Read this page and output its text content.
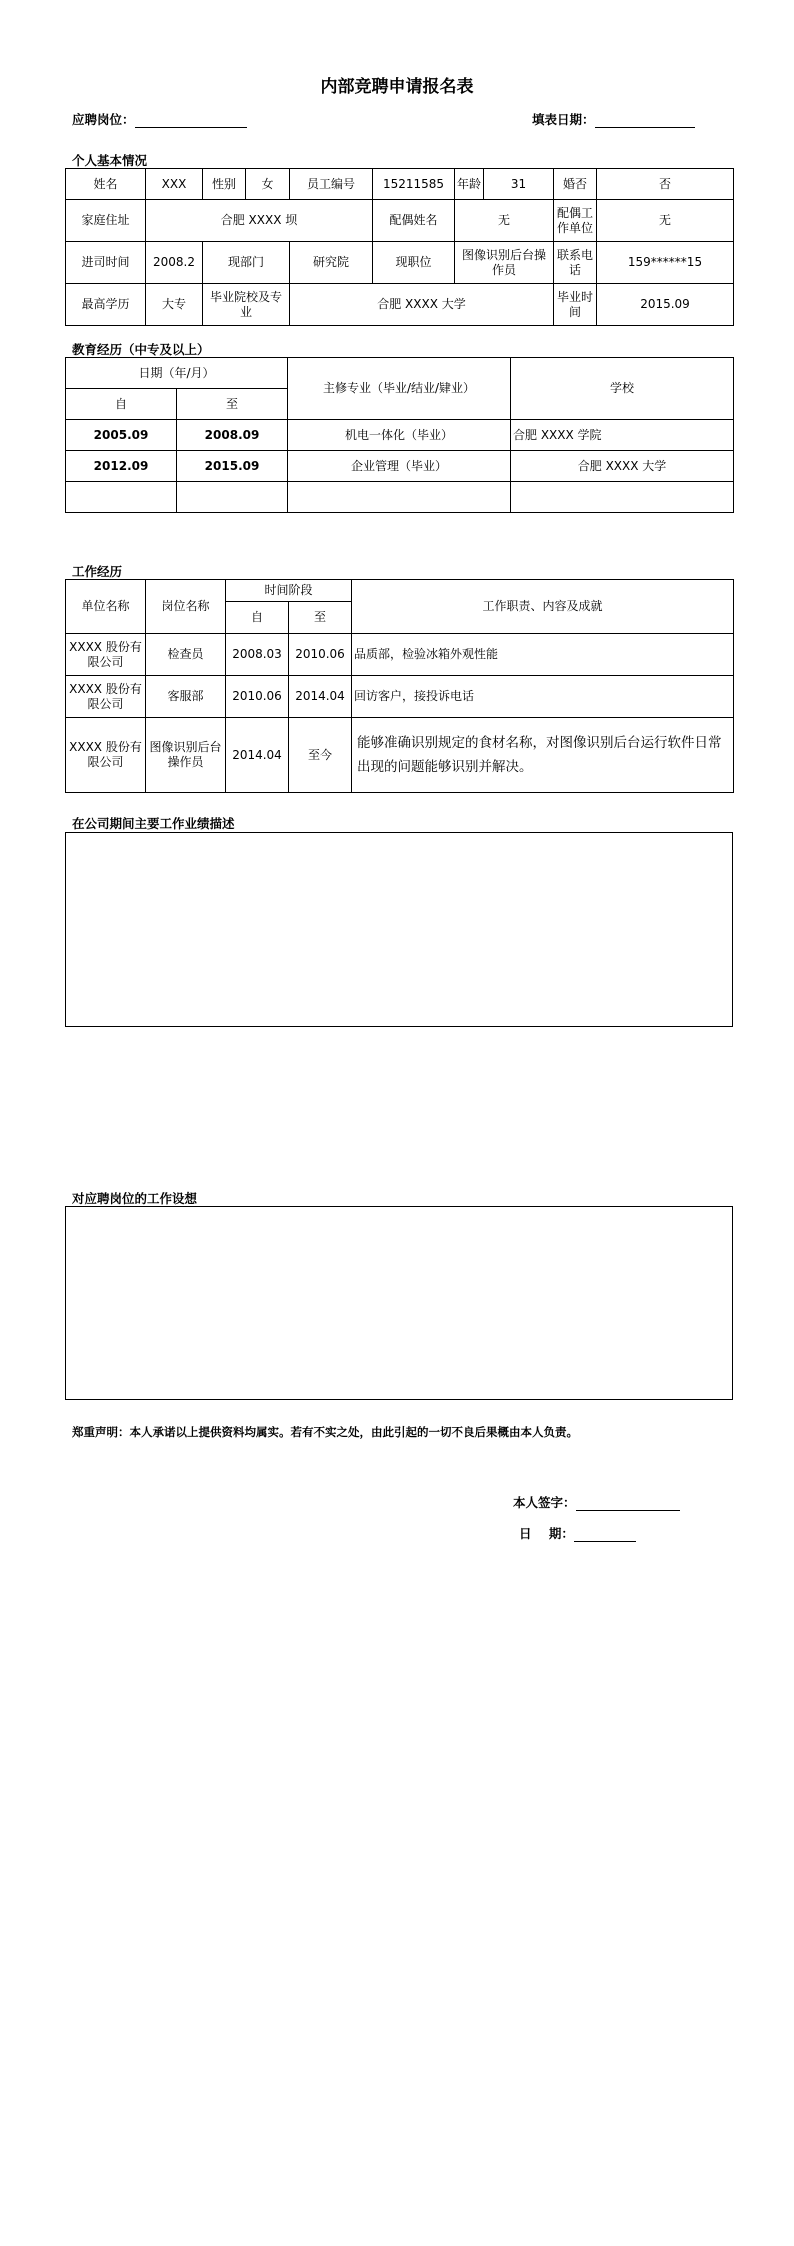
内部竞聘申请报名表
应聘岗位：	填表日期：
个人基本情况
姓名	XXX	性别	女	员工编号	15211585	年龄	31	婚否	否
家庭住址	合肥 XXXX 坝				配偶姓名	无		配偶工作单位	无
进司时间	2008.2	现部门		研究院	现职位	图像识别后台操作员		联系电话	159******15
最高学历	大专	毕业院校及专业		合肥 XXXX 大学				毕业时间	2015.09
教育经历（中专及以上）
日期（年/月）		主修专业（毕业/结业/肄业）	学校
自	至		
2005.09	2008.09	机电一体化（毕业）	合肥 XXXX 学院
2012.09	2015.09	企业管理（毕业）	合肥 XXXX 大学

工作经历
单位名称	岗位名称	时间阶段		工作职责、内容及成就
		自	至	
XXXX 股份有限公司	检查员	2008.03	2010.06	品质部，检验冰箱外观性能
XXXX 股份有限公司	客服部	2010.06	2014.04	回访客户，接投诉电话
XXXX 股份有限公司	图像识别后台操作员	2014.04	至今	能够准确识别规定的食材名称，对图像识别后台运行软件日常出现的问题能够识别并解决。
在公司期间主要工作业绩描述
对应聘岗位的工作设想
郑重声明：本人承诺以上提供资料均属实。若有不实之处，由此引起的一切不良后果概由本人负责。
本人签字：
日    期：
